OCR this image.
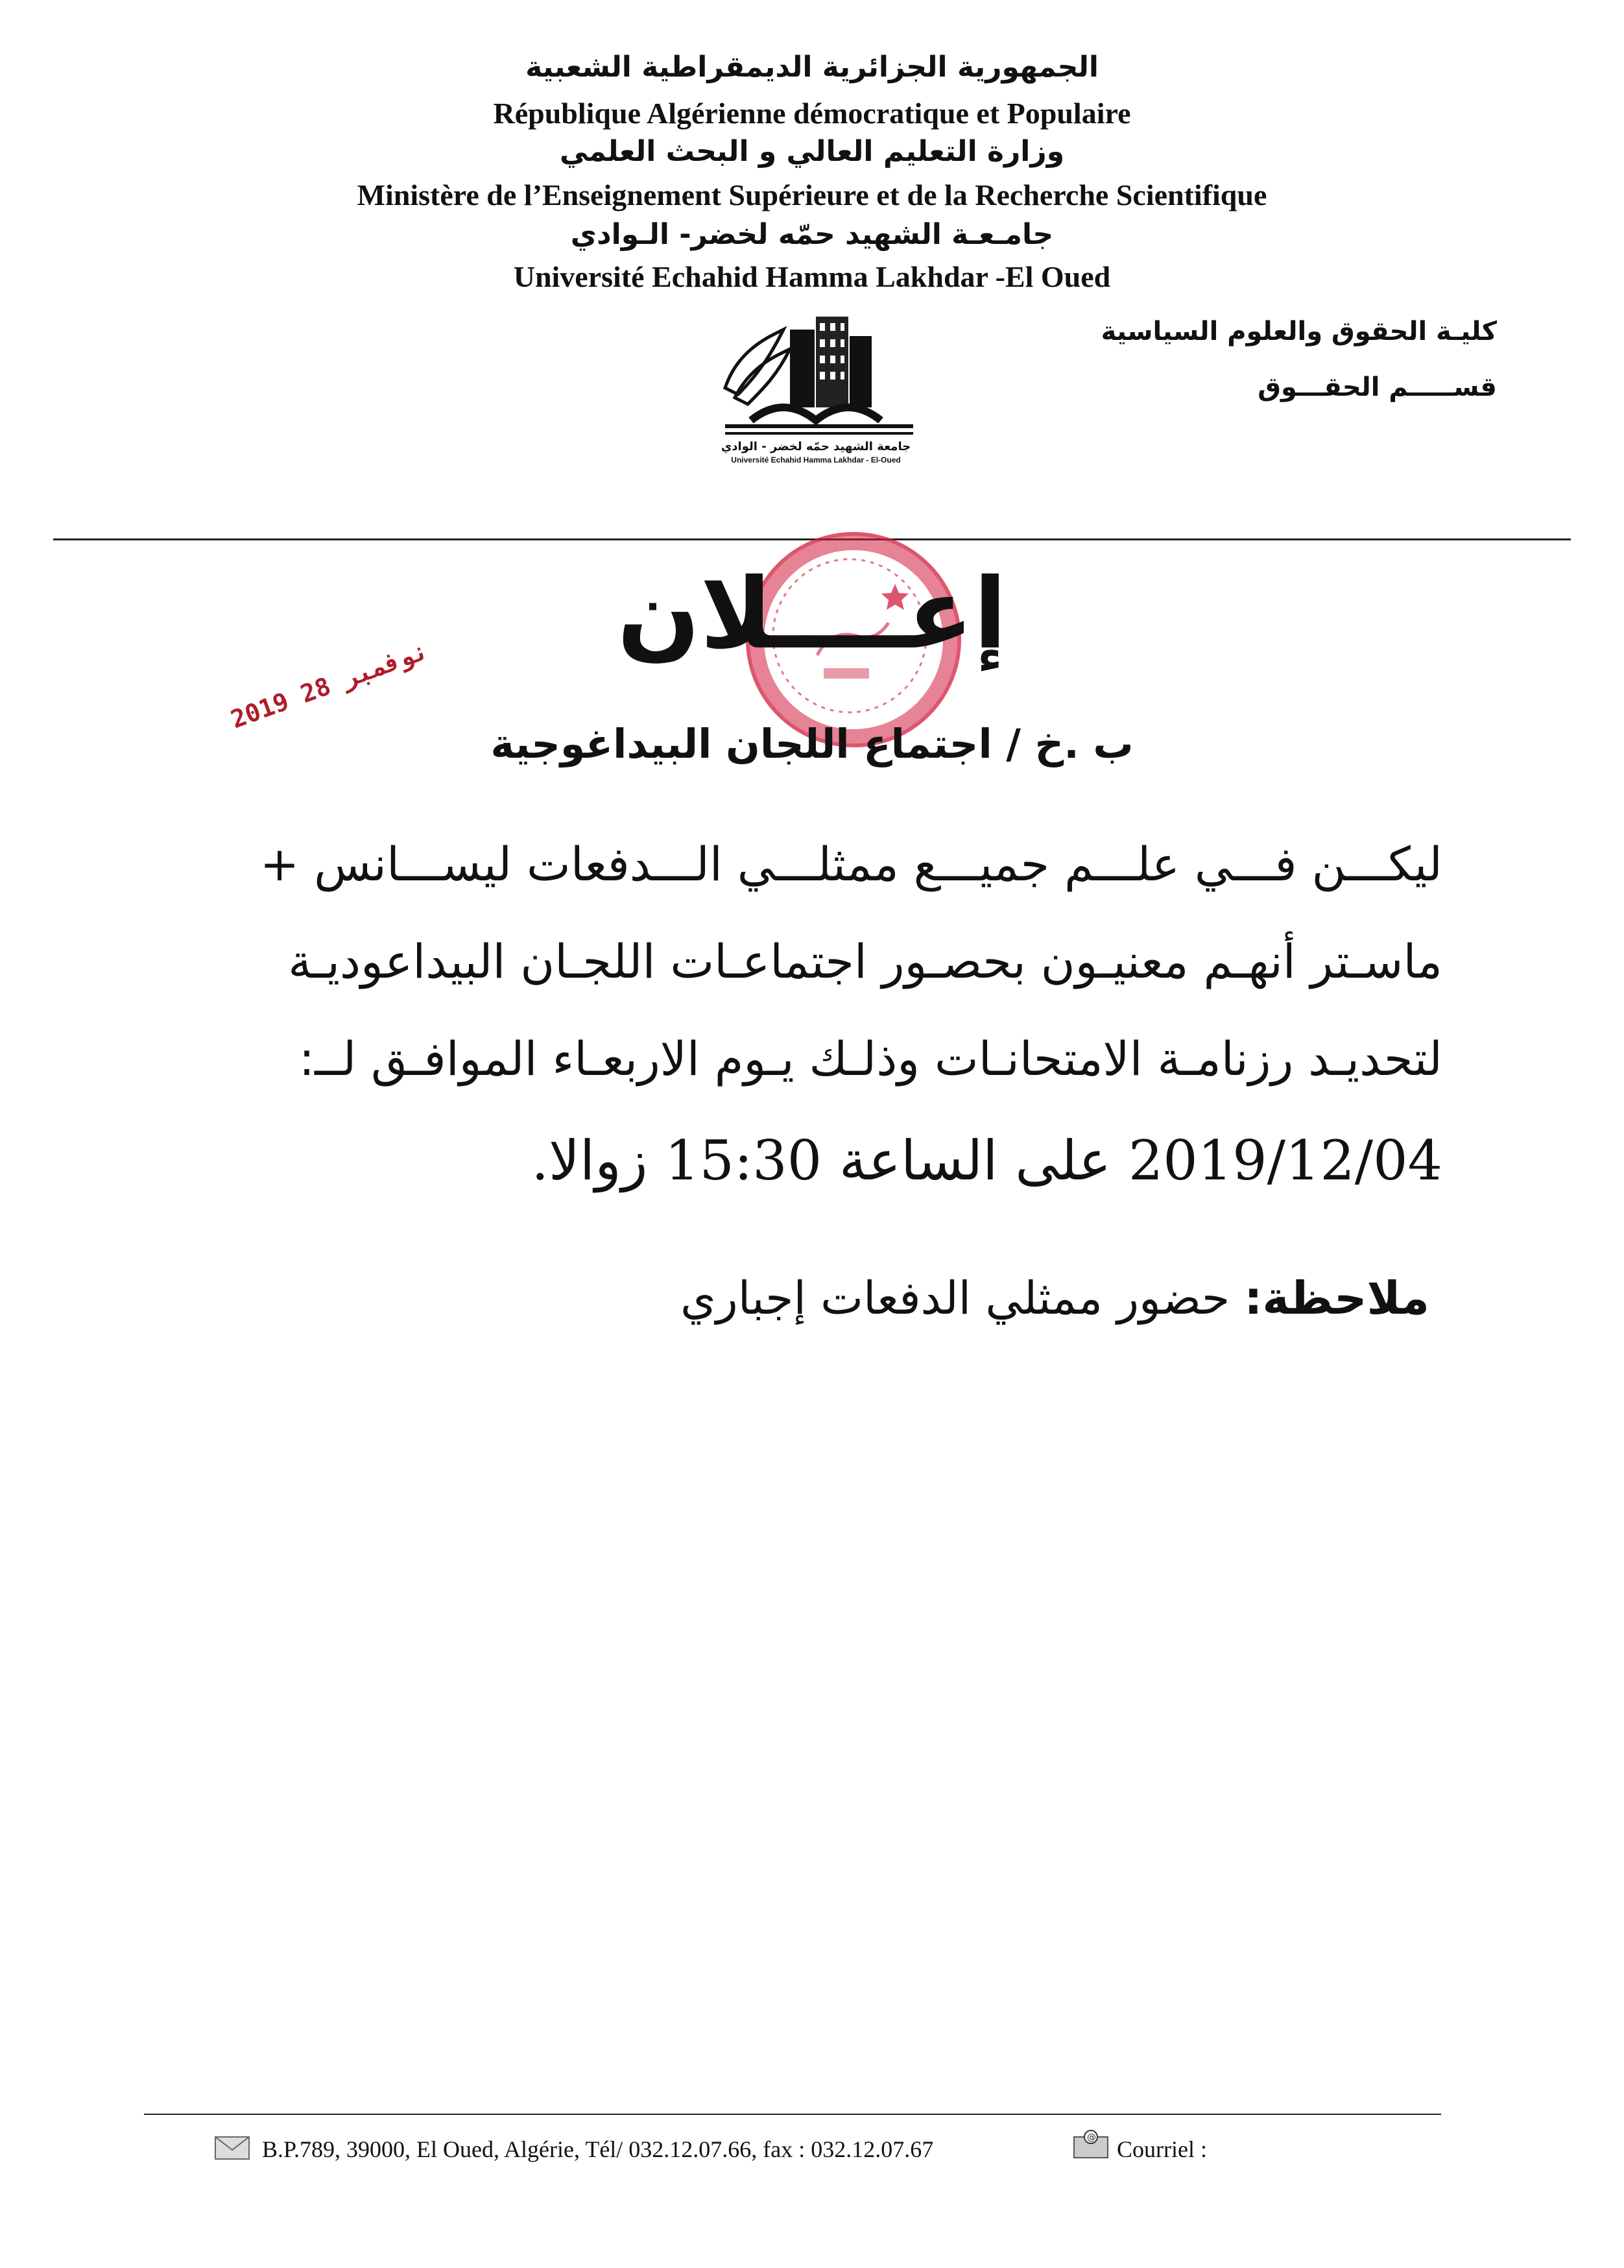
الجمهورية الجزائرية الديمقراطية الشعبية
République Algérienne démocratique et Populaire
وزارة التعليم العالي و البحث العلمي
Ministère de l’Enseignement Supérieure et de la Recherche Scientifique
جامـعـة الشهيد حمّه لخضر- الـوادي
Université Echahid Hamma Lakhdar -El Oued
كليـة الحقوق والعلوم السياسية
قســـــم الحقـــوق
جامعة الشهيد حمّه لخضر - الوادي
Université Echahid Hamma Lakhdar - El-Oued
2019 نوفمبر 28	إعــــلان
ب .خ / اجتماع اللجان البيداغوجية
ليكـــن فـــي علـــم جميـــع ممثلـــي الـــدفعات ليســـانس +
ماسـتر أنهـم معنيـون بحصـور اجتماعـات اللجـان البيداعوديـة
لتحديـد رزنامـة الامتحانـات وذلـك يـوم الاربعـاء الموافـق لــ:
2019/12/04 على الساعة 15:30 زوالا.
ملاحظة: حضور ممثلي الدفعات إجباري
B.P.789, 39000, El Oued, Algérie, Tél/ 032.12.07.66, fax : 032.12.07.67	@ Courriel :
